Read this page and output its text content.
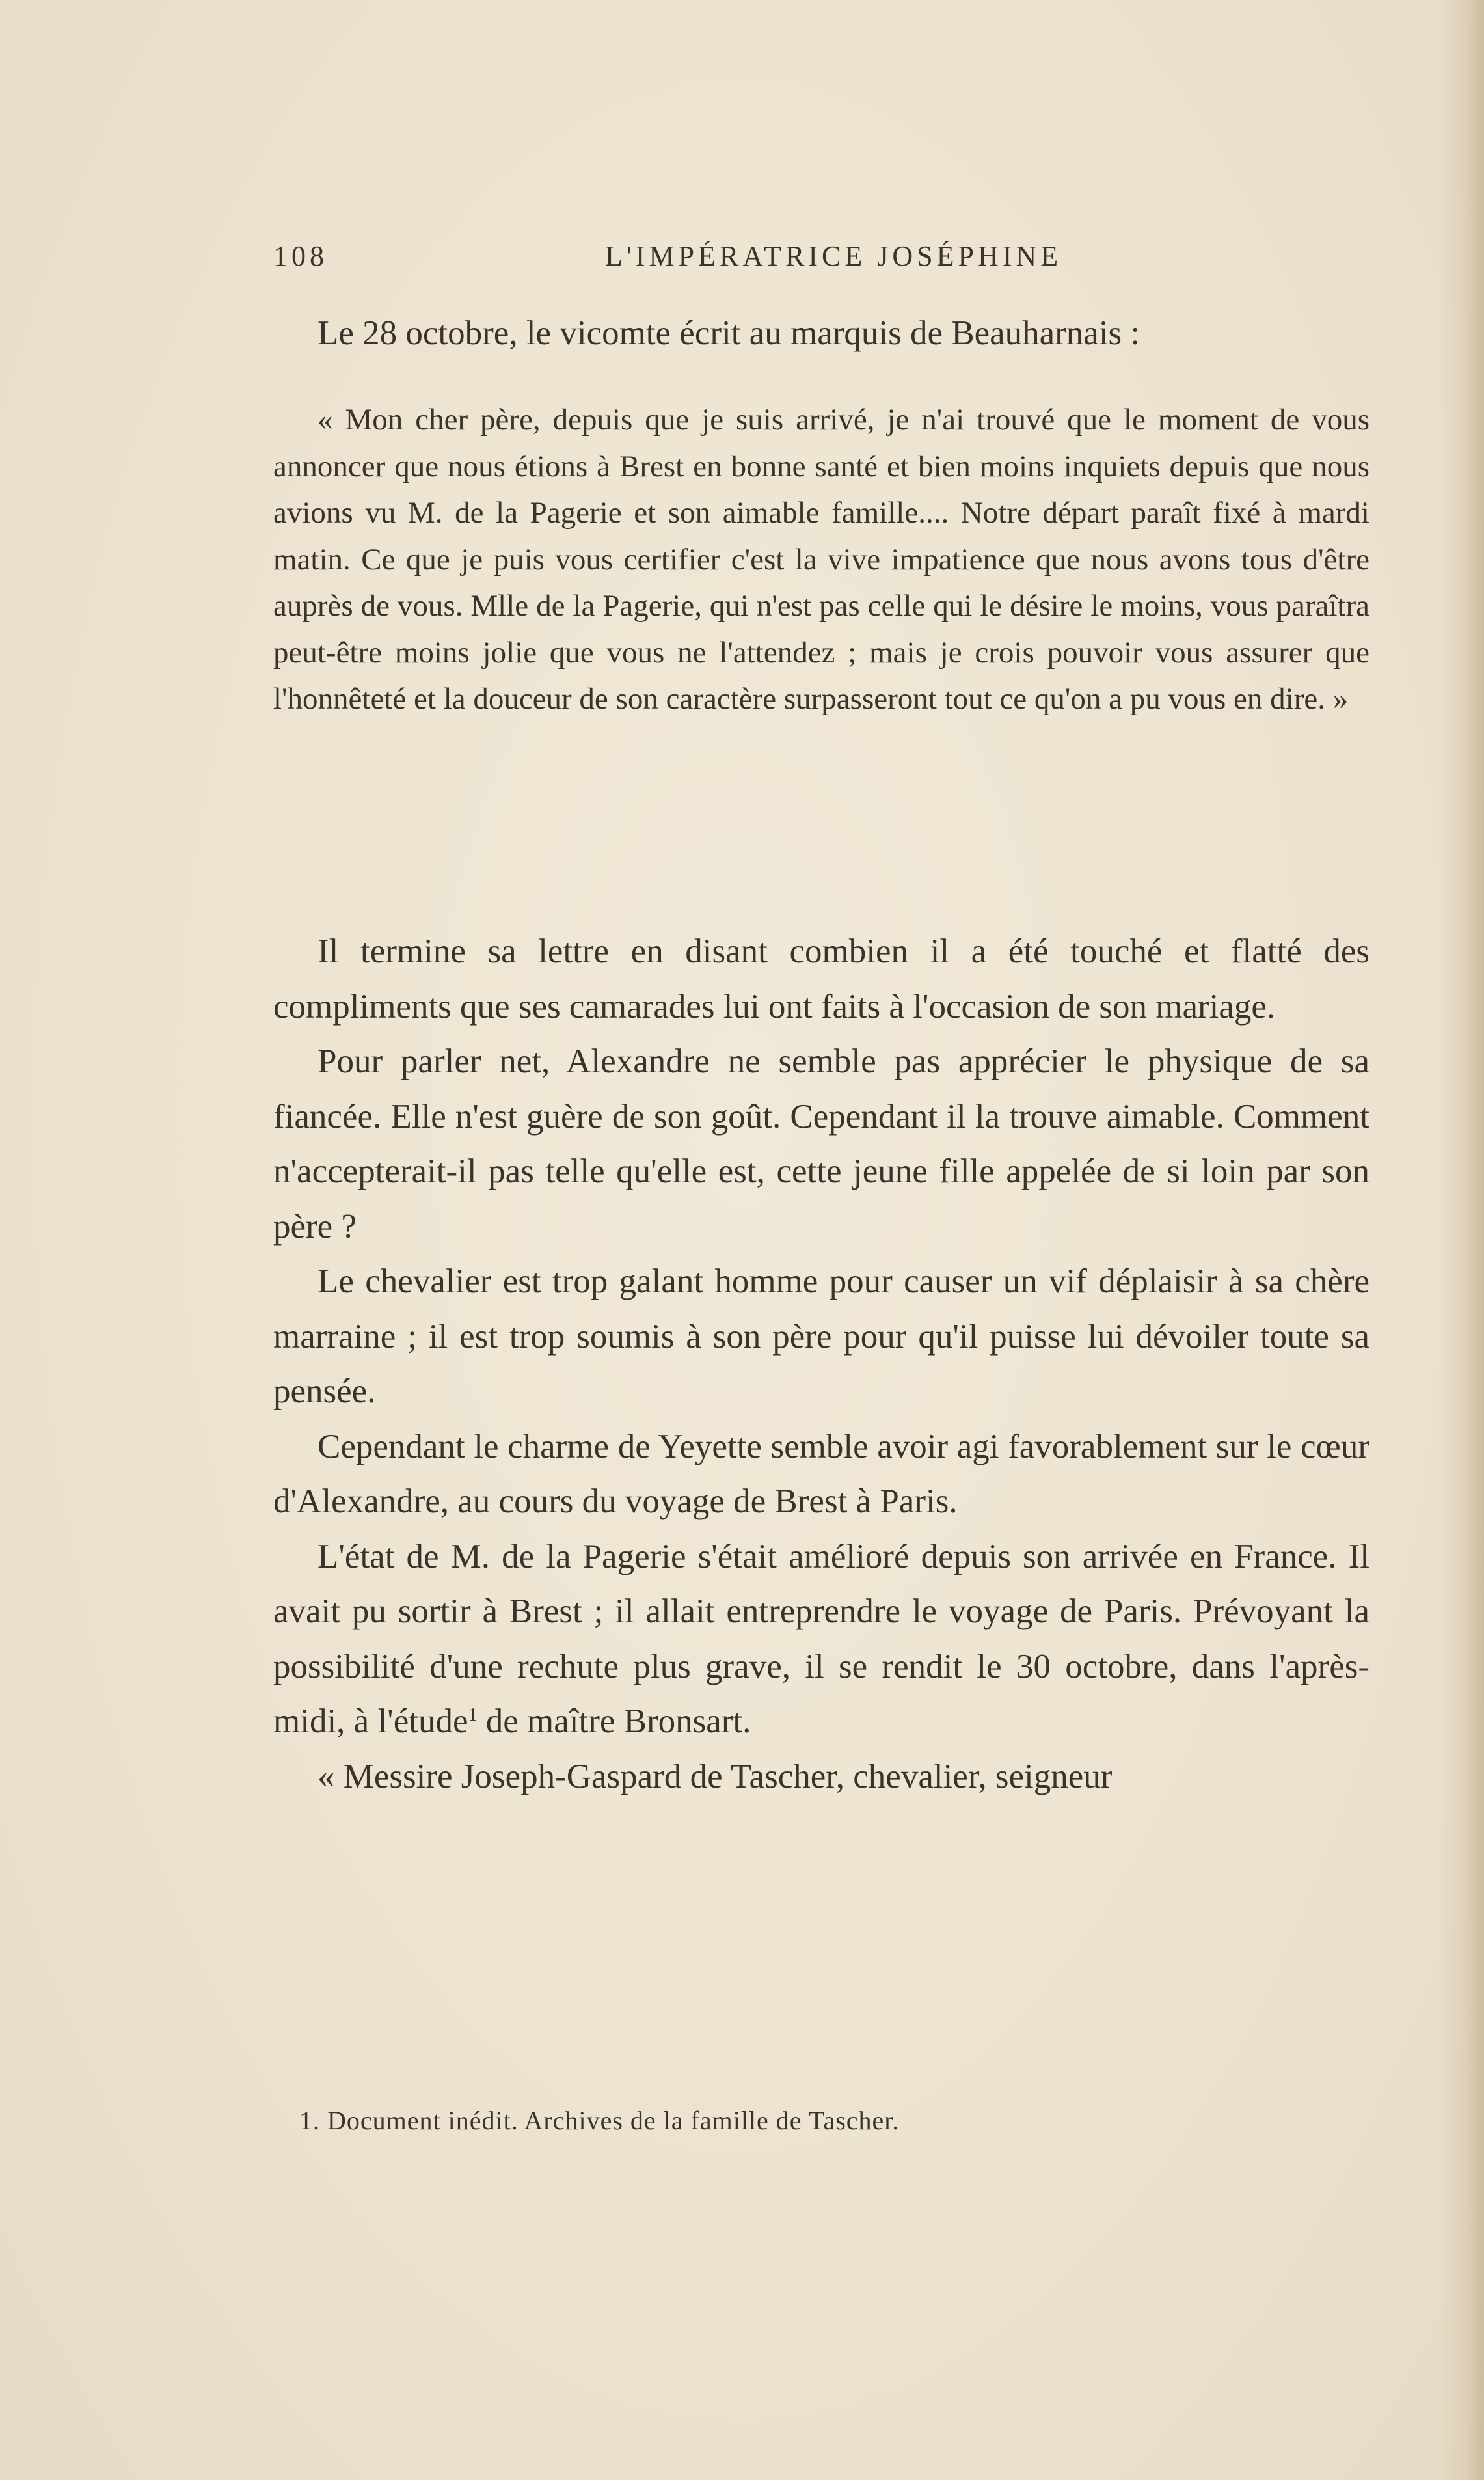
108	L'IMPÉRATRICE JOSÉPHINE

Le 28 octobre, le vicomte écrit au marquis de Beauharnais :

« Mon cher père, depuis que je suis arrivé, je n'ai trouvé que le moment de vous annoncer que nous étions à Brest en bonne santé et bien moins inquiets depuis que nous avions vu M. de la Pagerie et son aimable famille.... Notre départ paraît fixé à mardi matin. Ce que je puis vous certifier c'est la vive impatience que nous avons tous d'être auprès de vous. Mlle de la Pagerie, qui n'est pas celle qui le désire le moins, vous paraîtra peut-être moins jolie que vous ne l'attendez ; mais je crois pouvoir vous assurer que l'honnêteté et la douceur de son caractère surpasseront tout ce qu'on a pu vous en dire. »

Il termine sa lettre en disant combien il a été touché et flatté des compliments que ses camarades lui ont faits à l'occasion de son mariage.

Pour parler net, Alexandre ne semble pas apprécier le physique de sa fiancée. Elle n'est guère de son goût. Cependant il la trouve aimable. Comment n'accepterait-il pas telle qu'elle est, cette jeune fille appelée de si loin par son père ?

Le chevalier est trop galant homme pour causer un vif déplaisir à sa chère marraine ; il est trop soumis à son père pour qu'il puisse lui dévoiler toute sa pensée.

Cependant le charme de Yeyette semble avoir agi favorablement sur le cœur d'Alexandre, au cours du voyage de Brest à Paris.

L'état de M. de la Pagerie s'était amélioré depuis son arrivée en France. Il avait pu sortir à Brest ; il allait entreprendre le voyage de Paris. Prévoyant la possibilité d'une rechute plus grave, il se rendit le 30 octobre, dans l'après-midi, à l'étude$^1$ de maître Bronsart.

« Messire Joseph-Gaspard de Tascher, chevalier, seigneur

1. Document inédit. Archives de la famille de Tascher.
